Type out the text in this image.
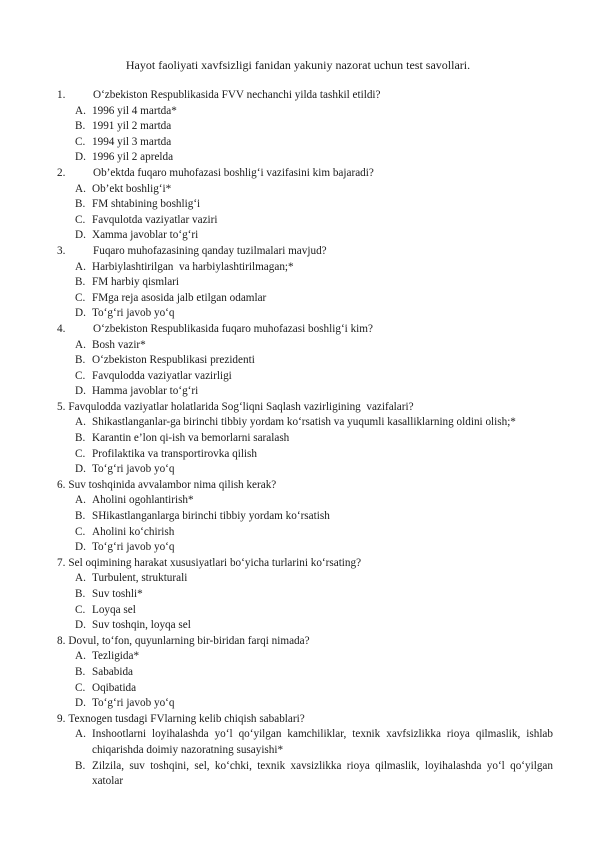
Hayot faoliyati xavfsizligi fanidan yakuniy nazorat uchun test savollari.
1.	O‘zbekiston Respublikasida FVV nechanchi yilda tashkil etildi?
A. 1996 yil 4 martda*
B. 1991 yil 2 martda
C. 1994 yil 3 martda
D. 1996 yil 2 aprelda
2.	Ob’ektda fuqaro muhofazasi boshlig‘i vazifasini kim bajaradi?
A. Ob’ekt boshlig‘i*
B. FM shtabining boshlig‘i
C. Favqulotda vaziyatlar vaziri
D. Xamma javoblar to‘g‘ri
3.	Fuqaro muhofazasining qanday tuzilmalari mavjud?
A. Harbiylashtirilgan  va harbiylashtirilmagan;*
B. FM harbiy qismlari
C. FMga reja asosida jalb etilgan odamlar
D. To‘g‘ri javob yo‘q
4.	O‘zbekiston Respublikasida fuqaro muhofazasi boshlig‘i kim?
A. Bosh vazir*
B. O‘zbekiston Respublikasi prezidenti
C. Favqulodda vaziyatlar vazirligi
D. Hamma javoblar to‘g‘ri
5. Favqulodda vaziyatlar holatlarida Sog‘liqni Saqlash vazirligining  vazifalari?
A. Shikastlanganlar-ga birinchi tibbiy yordam ko‘rsatish va yuqumli kasalliklarning oldini olish;*
B. Karantin e’lon qi-ish va bemorlarni saralash
C. Profilaktika va transportirovka qilish
D. To‘g‘ri javob yo‘q
6. Suv toshqinida avvalambor nima qilish kerak?
A. Aholini ogohlantirish*
B. SHikastlanganlarga birinchi tibbiy yordam ko‘rsatish
C. Aholini ko‘chirish
D. To‘g‘ri javob yo‘q
7. Sel oqimining harakat xususiyatlari bo‘yicha turlarini ko‘rsating?
A. Turbulent, strukturali
B. Suv toshli*
C. Loyqa sel
D. Suv toshqin, loyqa sel
8. Dovul, to‘fon, quyunlarning bir-biridan farqi nimada?
A. Tezligida*
B. Sababida
C. Oqibatida
D. To‘g‘ri javob yo‘q
9. Texnogen tusdagi FVlarning kelib chiqish sabablari?
A. Inshootlarni loyihalashda yo‘l qo‘yilgan kamchiliklar, texnik xavfsizlikka rioya qilmaslik, ishlab chiqarishda doimiy nazoratning susayishi*
B. Zilzila, suv toshqini, sel, ko‘chki, texnik xavsizlikka rioya qilmaslik, loyihalashda yo‘l qo‘yilgan xatolar
